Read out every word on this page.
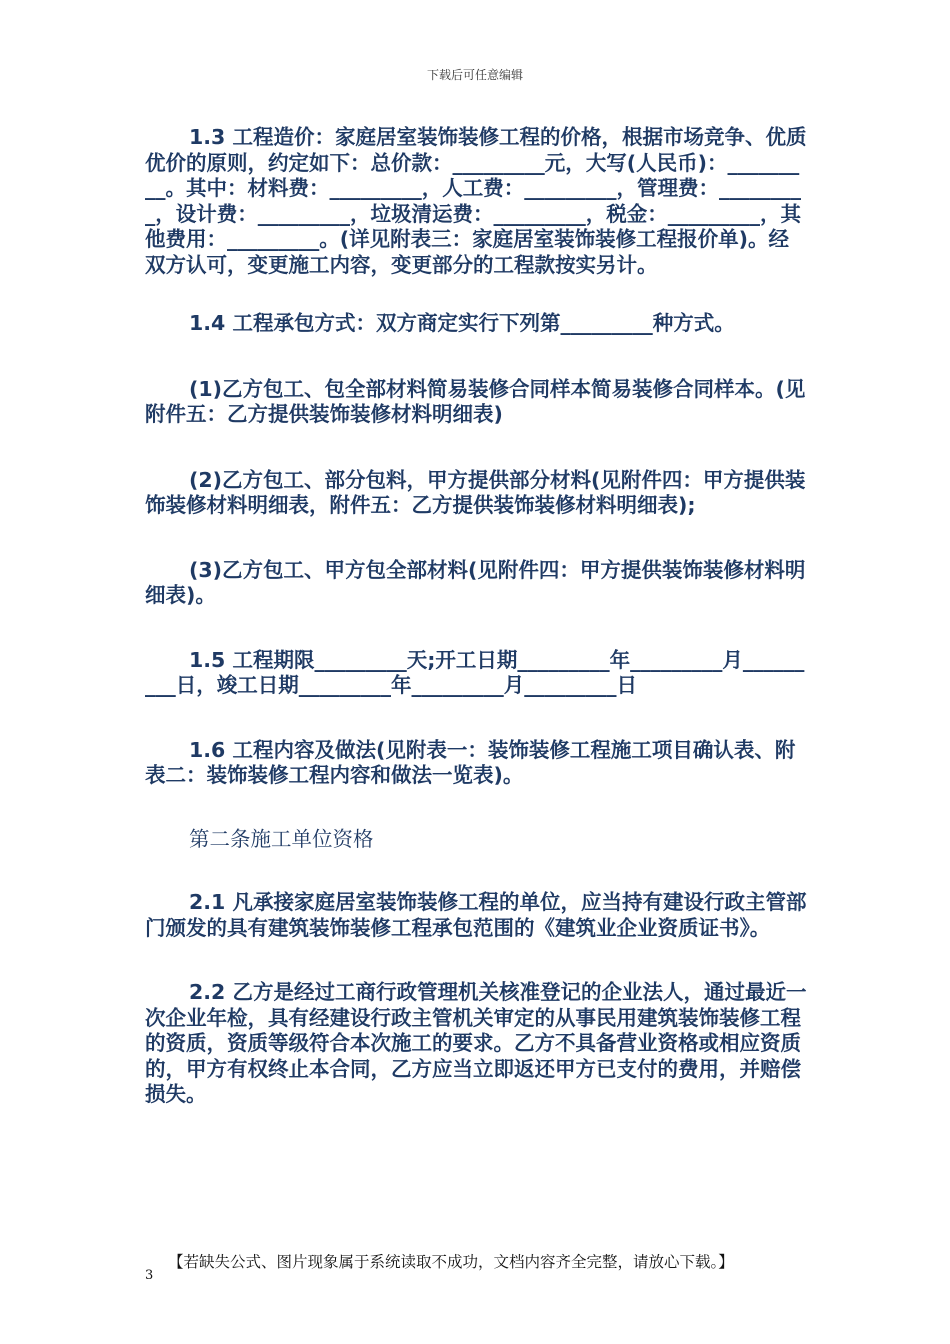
下载后可任意编辑

1.3 工程造价：家庭居室装饰装修工程的价格，根据市场竞争、优质优价的原则，约定如下：总价款：_________元，大写(人民币)：_________。其中：材料费：_________，人工费：_________，管理费：_________，设计费：_________，垃圾清运费：_________，税金：_________，其他费用：_________。(详见附表三：家庭居室装饰装修工程报价单)。经双方认可，变更施工内容，变更部分的工程款按实另计。

1.4 工程承包方式：双方商定实行下列第_________种方式。

(1)乙方包工、包全部材料简易装修合同样本简易装修合同样本。(见附件五：乙方提供装饰装修材料明细表)

(2)乙方包工、部分包料，甲方提供部分材料(见附件四：甲方提供装饰装修材料明细表，附件五：乙方提供装饰装修材料明细表);

(3)乙方包工、甲方包全部材料(见附件四：甲方提供装饰装修材料明细表)。

1.5 工程期限_________天;开工日期_________年_________月_________日，竣工日期_________年_________月_________日

1.6 工程内容及做法(见附表一：装饰装修工程施工项目确认表、附表二：装饰装修工程内容和做法一览表)。

第二条施工单位资格

2.1 凡承接家庭居室装饰装修工程的单位，应当持有建设行政主管部门颁发的具有建筑装饰装修工程承包范围的《建筑业企业资质证书》。

2.2 乙方是经过工商行政管理机关核准登记的企业法人，通过最近一次企业年检，具有经建设行政主管机关审定的从事民用建筑装饰装修工程的资质，资质等级符合本次施工的要求。乙方不具备营业资格或相应资质的，甲方有权终止本合同，乙方应当立即返还甲方已支付的费用，并赔偿损失。

【若缺失公式、图片现象属于系统读取不成功，文档内容齐全完整，请放心下载。】
3
